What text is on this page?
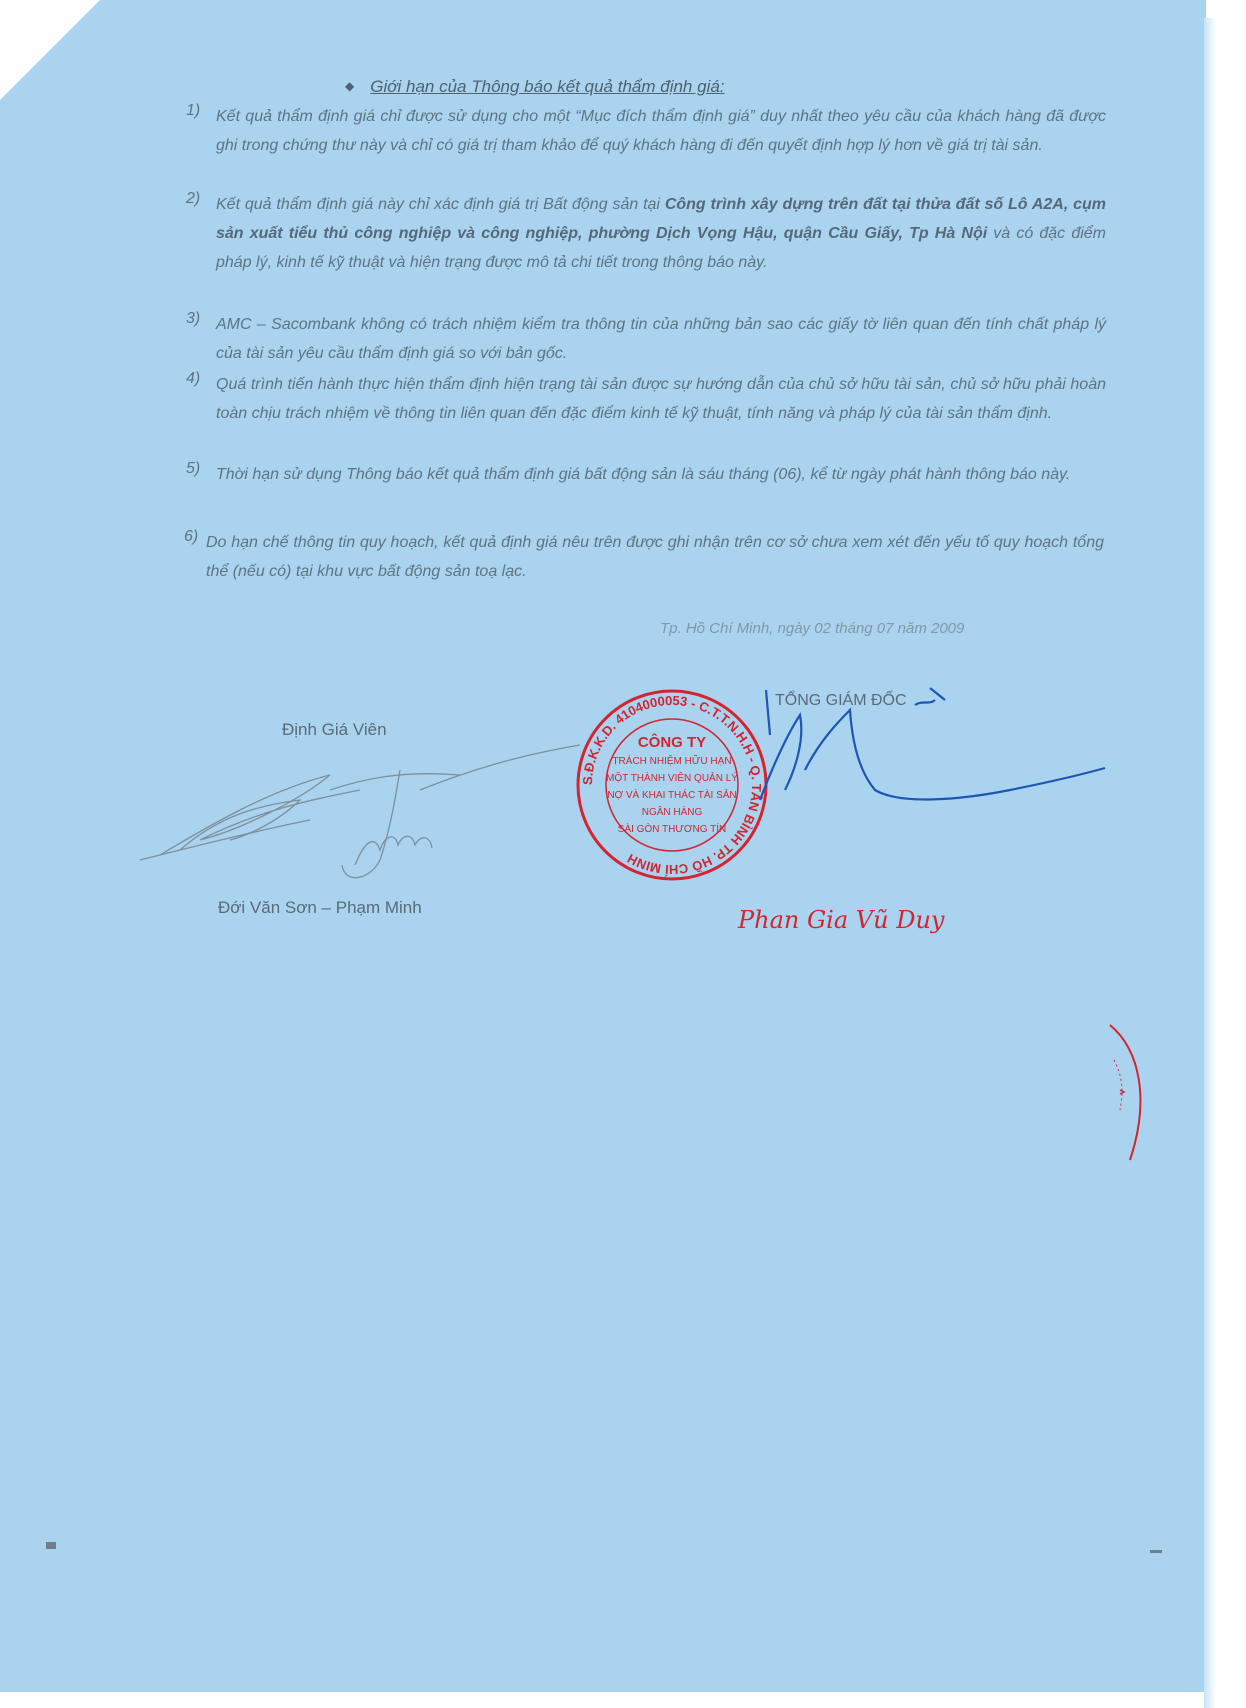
◆ Giới hạn của Thông báo kết quả thẩm định giá:
1) Kết quả thẩm định giá chỉ được sử dụng cho một “Mục đích thẩm định giá” duy nhất theo yêu cầu của khách hàng đã được ghi trong chứng thư này và chỉ có giá trị tham khảo để quý khách hàng đi đến quyết định hợp lý hơn về giá trị tài sản.
2) Kết quả thẩm định giá này chỉ xác định giá trị Bất động sản tại Công trình xây dựng trên đất tại thửa đất số Lô A2A, cụm sản xuất tiểu thủ công nghiệp và công nghiệp, phường Dịch Vọng Hậu, quận Cầu Giấy, Tp Hà Nội và có đặc điểm pháp lý, kinh tế kỹ thuật và hiện trạng được mô tả chi tiết trong thông báo này.
3) AMC – Sacombank không có trách nhiệm kiểm tra thông tin của những bản sao các giấy tờ liên quan đến tính chất pháp lý của tài sản yêu cầu thẩm định giá so với bản gốc.
4) Quá trình tiến hành thực hiện thẩm định hiện trạng tài sản được sự hướng dẫn của chủ sở hữu tài sản, chủ sở hữu phải hoàn toàn chịu trách nhiệm về thông tin liên quan đến đặc điểm kinh tế kỹ thuật, tính năng và pháp lý của tài sản thẩm định.
5) Thời hạn sử dụng Thông báo kết quả thẩm định giá bất động sản là sáu tháng (06), kể từ ngày phát hành thông báo này.
6) Do hạn chế thông tin quy hoạch, kết quả định giá nêu trên được ghi nhận trên cơ sở chưa xem xét đến yếu tố quy hoạch tổng thể (nếu có) tại khu vực bất động sản toạ lạc.
Tp. Hồ Chí Minh, ngày 02 tháng 07 năm 2009
Định Giá Viên
Đới Văn Sơn – Phạm Minh
TỔNG GIÁM ĐỐC
S.Đ.K.K.D. 4104000053 - C.T.T.N.H.H - Q. TÂN BÌNH TP. HỒ CHÍ MINH
CÔNG TY
TRÁCH NHIỆM HỮU HẠN
MỘT THÀNH VIÊN QUẢN LÝ
NỢ VÀ KHAI THÁC TÀI SẢN
NGÂN HÀNG
SÀI GÒN THƯƠNG TÍN
Phan Gia Vũ Duy
